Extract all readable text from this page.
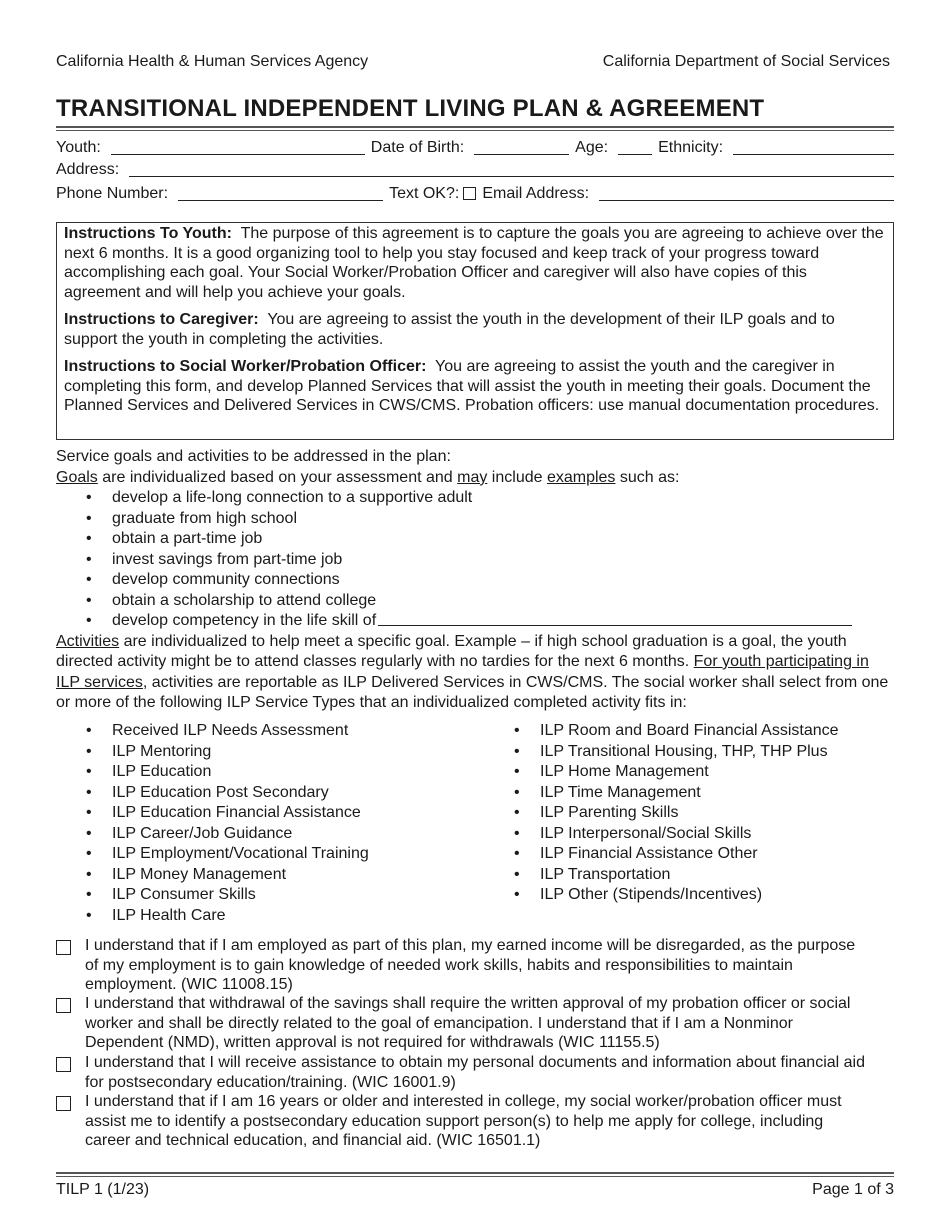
California Health & Human Services Agency	California Department of Social Services
TRANSITIONAL INDEPENDENT LIVING PLAN & AGREEMENT
Youth:	Date of Birth:	Age:	Ethnicity:
Address:
Phone Number:	Text OK?: Email Address:

Instructions To Youth: The purpose of this agreement is to capture the goals you are agreeing to achieve over the next 6 months. It is a good organizing tool to help you stay focused and keep track of your progress toward accomplishing each goal. Your Social Worker/Probation Officer and caregiver will also have copies of this agreement and will help you achieve your goals.

Instructions to Caregiver: You are agreeing to assist the youth in the development of their ILP goals and to support the youth in completing the activities.

Instructions to Social Worker/Probation Officer: You are agreeing to assist the youth and the caregiver in completing this form, and develop Planned Services that will assist the youth in meeting their goals. Document the Planned Services and Delivered Services in CWS/CMS. Probation officers: use manual documentation procedures.

Service goals and activities to be addressed in the plan:
Goals are individualized based on your assessment and may include examples such as:
• develop a life-long connection to a supportive adult
• graduate from high school
• obtain a part-time job
• invest savings from part-time job
• develop community connections
• obtain a scholarship to attend college
• develop competency in the life skill of
Activities are individualized to help meet a specific goal. Example – if high school graduation is a goal, the youth directed activity might be to attend classes regularly with no tardies for the next 6 months. For youth participating in ILP services, activities are reportable as ILP Delivered Services in CWS/CMS. The social worker shall select from one or more of the following ILP Service Types that an individualized completed activity fits in:
• Received ILP Needs Assessment
• ILP Mentoring
• ILP Education
• ILP Education Post Secondary
• ILP Education Financial Assistance
• ILP Career/Job Guidance
• ILP Employment/Vocational Training
• ILP Money Management
• ILP Consumer Skills
• ILP Health Care
• ILP Room and Board Financial Assistance
• ILP Transitional Housing, THP, THP Plus
• ILP Home Management
• ILP Time Management
• ILP Parenting Skills
• ILP Interpersonal/Social Skills
• ILP Financial Assistance Other
• ILP Transportation
• ILP Other (Stipends/Incentives)
I understand that if I am employed as part of this plan, my earned income will be disregarded, as the purpose of my employment is to gain knowledge of needed work skills, habits and responsibilities to maintain employment. (WIC 11008.15)
I understand that withdrawal of the savings shall require the written approval of my probation officer or social worker and shall be directly related to the goal of emancipation. I understand that if I am a Nonminor Dependent (NMD), written approval is not required for withdrawals (WIC 11155.5)
I understand that I will receive assistance to obtain my personal documents and information about financial aid for postsecondary education/training. (WIC 16001.9)
I understand that if I am 16 years or older and interested in college, my social worker/probation officer must assist me to identify a postsecondary education support person(s) to help me apply for college, including career and technical education, and financial aid. (WIC 16501.1)
TILP 1 (1/23)	Page 1 of 3
